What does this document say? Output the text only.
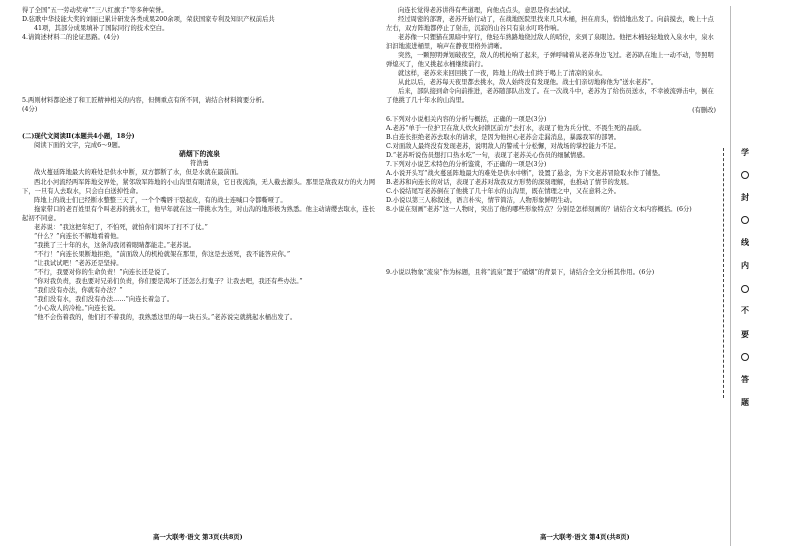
得了全国“五一劳动奖章”“三八红旗手”等多种荣誉。

D.弦歌中华技能大奖的刘丽已累计研发各类成果200余项，荣获国家专利及知识产权前后共

41项，其部分成果填补了国际同行的技术空白。

4.请简述材料二的论证思路。(4分)

5.两则材料都论述了和工匠精神相关的内容，但侧重点有所不同，请结合材料简要分析。

(4分)

(二)现代文阅读Ⅱ(本题共4小题，18分)

阅读下面的文字，完成6～9题。

硝烟下的流泉

符浩勇

战火蔓延阵地最大的难处是供水中断，双方都断了水，但是水就在最前面。

西北小河流经两军阵地交界处，紧邻敌军阵地的小山沟里有眼清泉，它日夜流淌，无人截去源头。那里是敌我双方的火力网下，一旦有人去取水，只会白白送掉性命。

阵地上的战士们已经断水整整三天了，一个个嘴唇干裂起皮，有的战士连喊口令都嘶哑了。

拖家带口的老百姓里有个叫老苏的挑水工，他早年就在这一带挑水为生，对山沟的地形极为熟悉。他主动请缨去取水，连长起初不同意。

老苏说：“我这把年纪了，不怕死，就怕你们渴坏了打不了仗。”

“什么？”向连长不解地看着他。

“我挑了三十年的水，这条沟我闭着眼睛都能走。”老苏说。

“不行！”向连长果断地拒绝，“前面敌人的机枪就架在那里，你这是去送死，我不能答应你。”

“让我试试吧！”老苏还是坚持。

“不行，我要对你的生命负责！”向连长还是说了。

“你对我负责，我也要对兄弟们负责，你们要是渴坏了还怎么打鬼子？让我去吧，我还有些办法。”

“我们没有办法，你就有办法？”

“我们没有水，我们没有办法……”向连长着急了。

“小心敌人的冷枪。”向连长说。

“他不会伤着我的，他们打不着我的，我熟悉这里的每一块石头。”老苏说完就挑起水桶出发了。

向连长觉得老苏讲得有些道理，向他点点头，意思是你去试试。

经过周密的部署，老苏开始行动了，在战地医院里找来几只木桶，担在肩头，悄悄地出发了。向前摸去，晚上十点左右，双方阵地都停止了射击，沉寂的山谷只有泉水叮咚作响。

老苏像一只狸猫在黑暗中穿行，他轻车熟路地绕过敌人的哨位，来到了泉眼边。他把木桶轻轻地放入泉水中，泉水汩汩地流进桶里，响声在静夜里格外清晰。

突然，一颗照明弹划破夜空，敌人的机枪响了起来，子弹呼啸着从老苏身边飞过。老苏趴在地上一动不动，等照明弹熄灭了，他又挑起水桶继续前行。

就这样，老苏来来回回挑了一夜，阵地上的战士们终于喝上了清凉的泉水。

从此以后，老苏每天夜里都去挑水，敌人始终没有发现他。战士们亲切地称他为“送水老苏”。

后来，部队接到命令向前推进，老苏随部队出发了。在一次战斗中，老苏为了给伤员送水，不幸被流弹击中，倒在了他挑了几十年水的山沟里。

(有删改)

6.下列对小说相关内容的分析与概括，正确的一项是(3分)

A.老苏“单于一位护卫在敌人炊火封锁区前方”去打水，表现了他为兵分忧、不畏生死的品质。

B.白连长拒绝老苏去取水的请求，是因为他担心老苏会走漏消息，暴露我军的部署。

C.对面敌人最终没有发现老苏，说明敌人的警戒十分松懈，对战场的掌控能力不足。

D.“老苏听说伤员想打口热水吃”一句，表现了老苏关心伤员的细腻情感。

7.下列对小说艺术特色的分析鉴赏，不正确的一项是(3分)

A.小说开头写“战火蔓延阵地最大的难处是供水中断”，设置了悬念，为下文老苏冒险取水作了铺垫。

B.老苏和向连长的对话，表现了老苏对敌我双方形势的深刻理解，也推动了情节的发展。

C.小说结尾写老苏倒在了他挑了几十年水的山沟里，既在情理之中，又在意料之外。

D.小说以第三人称叙述，语言朴实，情节简洁，人物形象鲜明生动。

8.小说在刻画“老苏”这一人物时，突出了他的哪些形象特点？分别是怎样刻画的？请结合文本内容概括。(6分)

9.小说以物象“流泉”作为标题，且将“流泉”置于“硝烟”的背景下，请结合全文分析其作用。(6分)

高一大联考·语文 第3页(共8页)	高一大联考·语文 第4页(共8页)
学
封
线
内
不
要
答
题
